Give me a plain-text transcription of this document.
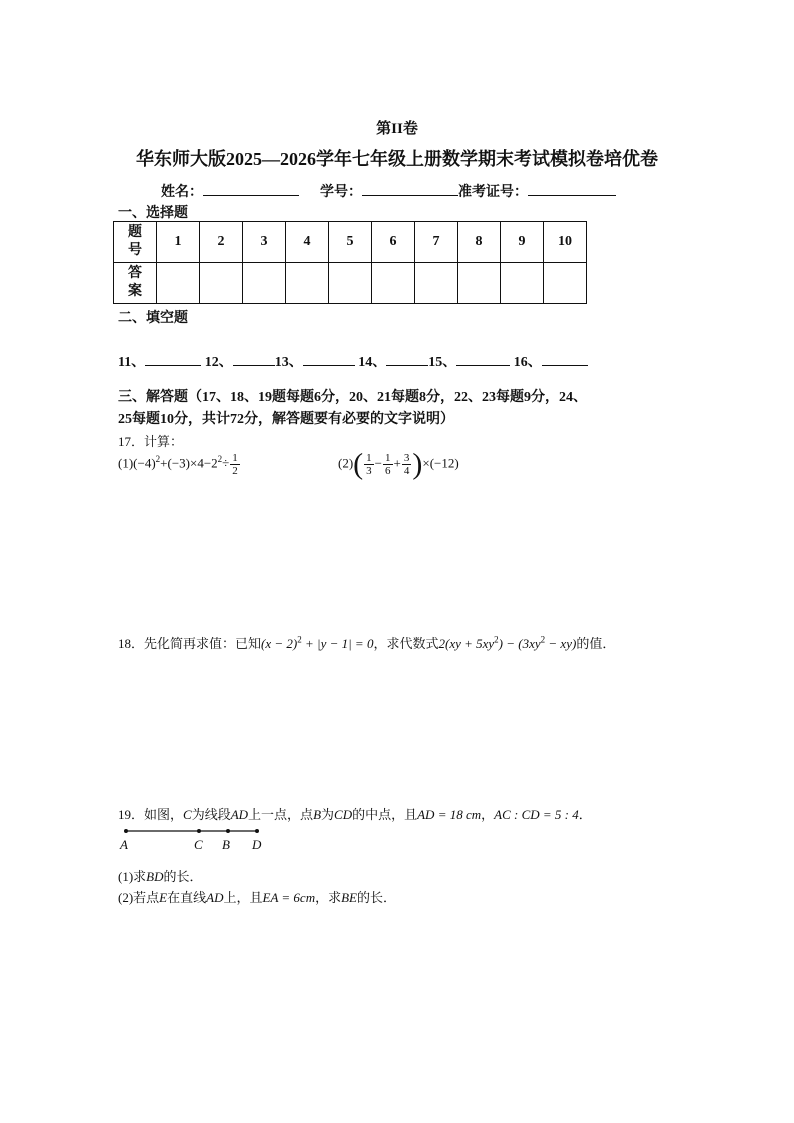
第II卷
华东师大版2025—2026学年七年级上册数学期末考试模拟卷培优卷
姓名：	学号：	准考证号：
一、选择题
题
号	1	2	3	4	5	6	7	8	9	10
答
案										
二、填空题
11、	12、	13、	14、	15、	16、
三、解答题（17、18、19题每题6分，20、21每题8分，22、23每题9分，24、
25每题10分，共计72分，解答题要有必要的文字说明）
17．计算：
$(1)(-4)^2+(-3)\times 4-2^2\div \frac{1}{2}$	$(2)( \frac{1}{3} - \frac{1}{6} + \frac{3}{4} )\times(-12)$
18．先化简再求值：已知$(x - 2)^2 + |y - 1| = 0$，求代数式$2(xy + 5xy^2) - (3xy^2 - xy)$的值．
19．如图，C为线段AD上一点，点B为CD的中点，且AD = 18 cm，AC : CD = 5 : 4．
A	C B D
(1)求BD的长．
(2)若点E在直线AD上，且EA = 6cm，求BE的长．
